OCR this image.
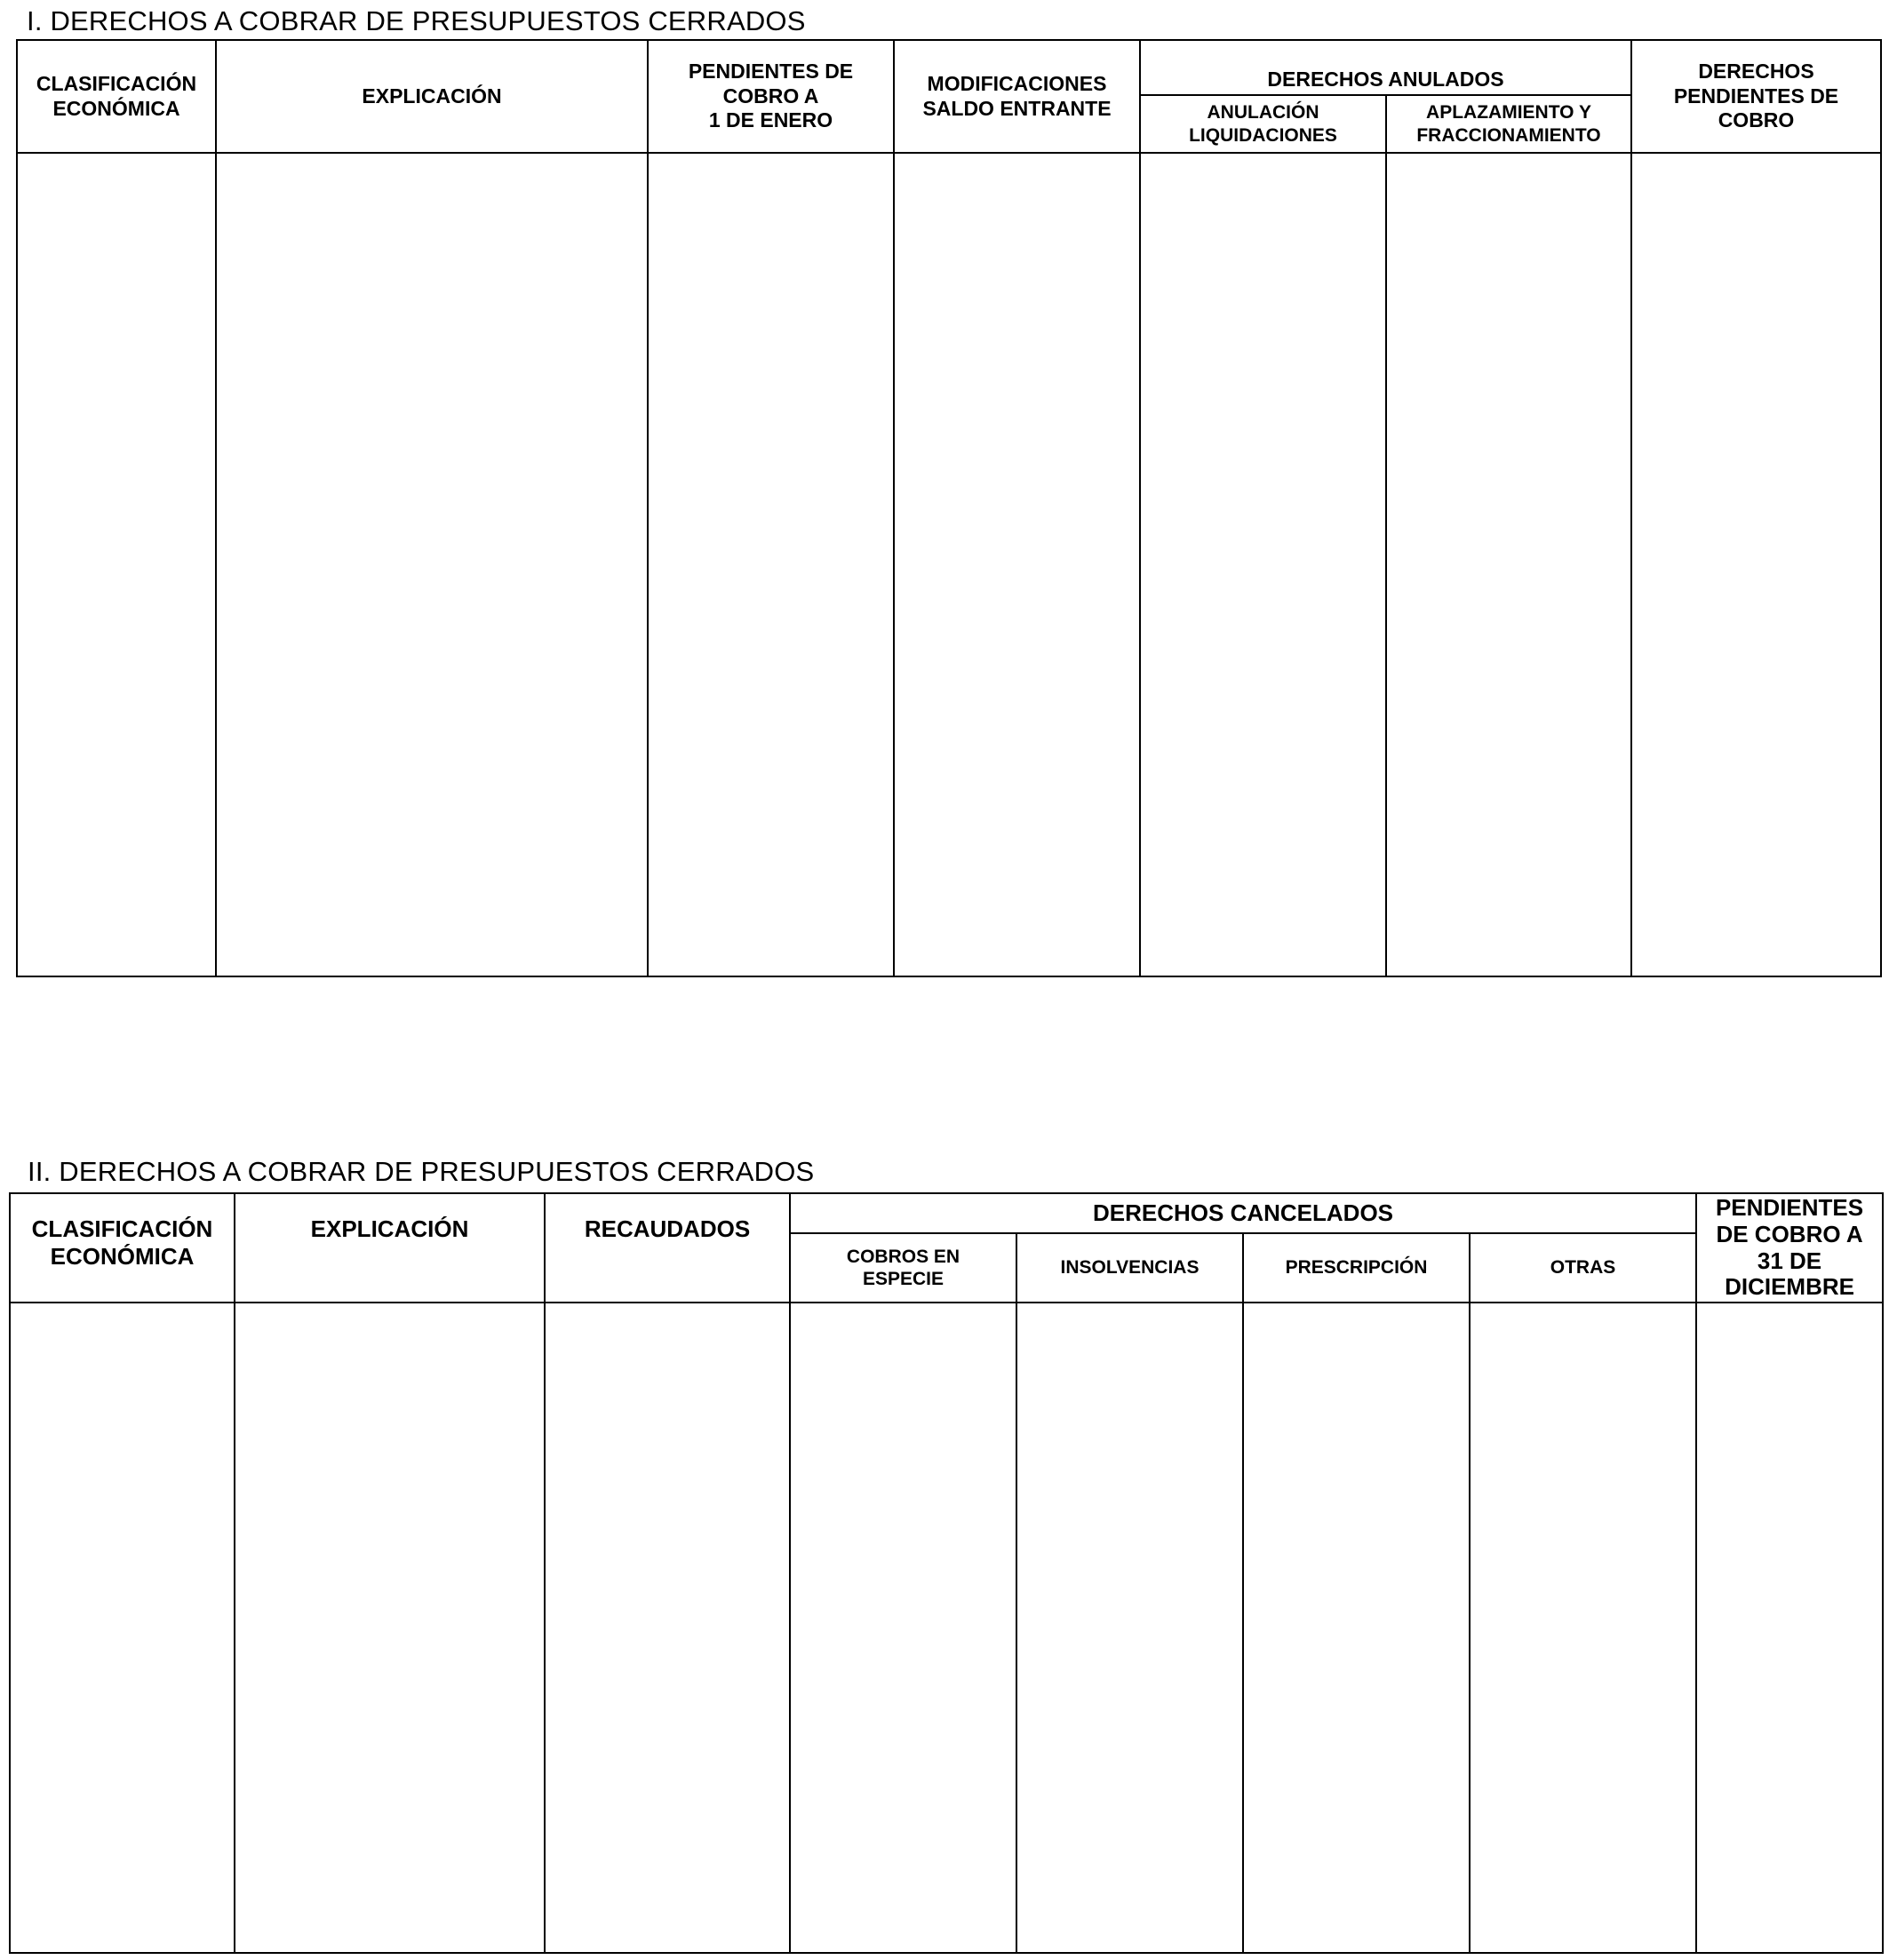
I. DERECHOS A COBRAR DE PRESUPUESTOS CERRADOS
CLASIFICACIÓN
ECONÓMICA	EXPLICACIÓN	PENDIENTES DE
COBRO A
1 DE ENERO	MODIFICACIONES
SALDO ENTRANTE	DERECHOS ANULADOS		DERECHOS
PENDIENTES DE
COBRO
				ANULACIÓN
LIQUIDACIONES	APLAZAMIENTO Y
FRACCIONAMIENTO	

II. DERECHOS A COBRAR DE PRESUPUESTOS CERRADOS
CLASIFICACIÓN
ECONÓMICA	EXPLICACIÓN	RECAUDADOS	DERECHOS CANCELADOS				PENDIENTES
DE COBRO A
31 DE
DICIEMBRE
			COBROS EN
ESPECIE	INSOLVENCIAS	PRESCRIPCIÓN	OTRAS	
